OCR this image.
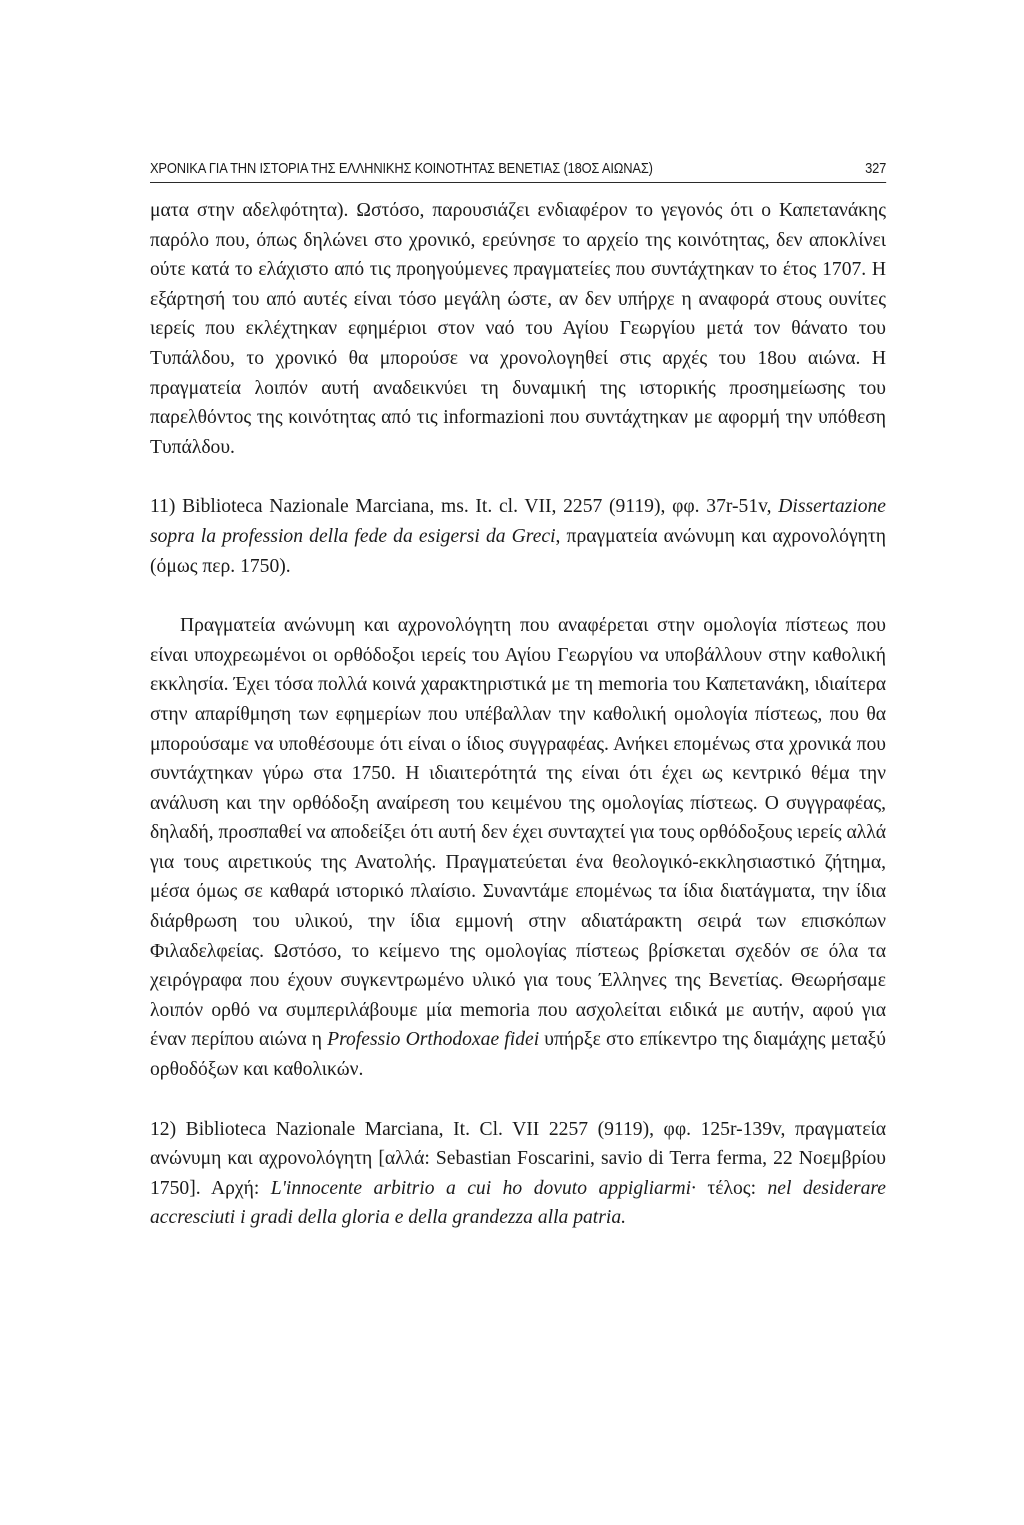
ΧΡΟΝΙΚΑ ΓΙΑ ΤΗΝ ΙΣΤΟΡΙΑ ΤΗΣ ΕΛΛΗΝΙΚΗΣ ΚΟΙΝΟΤΗΤΑΣ ΒΕΝΕΤΙΑΣ (18ΟΣ ΑΙΩΝΑΣ)	327

ματα στην αδελφότητα). Ωστόσο, παρουσιάζει ενδιαφέρον το γεγονός ότι ο Καπετανάκης παρόλο που, όπως δηλώνει στο χρονικό, ερεύνησε το αρχείο της κοινότητας, δεν αποκλίνει ούτε κατά το ελάχιστο από τις προηγούμενες πραγματείες που συντάχτηκαν το έτος 1707. Η εξάρτησή του από αυτές είναι τόσο μεγάλη ώστε, αν δεν υπήρχε η αναφορά στους ουνίτες ιερείς που εκλέχτηκαν εφημέριοι στον ναό του Αγίου Γεωργίου μετά τον θάνατο του Τυπάλδου, το χρονικό θα μπορούσε να χρονολογηθεί στις αρχές του 18ου αιώνα. Η πραγματεία λοιπόν αυτή αναδεικνύει τη δυναμική της ιστορικής προσημείωσης του παρελθόντος της κοινότητας από τις informazioni που συντάχτηκαν με αφορμή την υπόθεση Τυπάλδου.

11) Biblioteca Nazionale Marciana, ms. It. cl. VII, 2257 (9119), φφ. 37r-51v, Dissertazione sopra la profession della fede da esigersi da Greci, πραγματεία ανώνυμη και αχρονολόγητη (όμως περ. 1750).

Πραγματεία ανώνυμη και αχρονολόγητη που αναφέρεται στην ομολογία πίστεως που είναι υποχρεωμένοι οι ορθόδοξοι ιερείς του Αγίου Γεωργίου να υποβάλλουν στην καθολική εκκλησία. Έχει τόσα πολλά κοινά χαρακτηριστικά με τη memoria του Καπετανάκη, ιδιαίτερα στην απαρίθμηση των εφημερίων που υπέβαλλαν την καθολική ομολογία πίστεως, που θα μπορούσαμε να υποθέσουμε ότι είναι ο ίδιος συγγραφέας. Ανήκει επομένως στα χρονικά που συντάχτηκαν γύρω στα 1750. Η ιδιαιτερότητά της είναι ότι έχει ως κεντρικό θέμα την ανάλυση και την ορθόδοξη αναίρεση του κειμένου της ομολογίας πίστεως. Ο συγγραφέας, δηλαδή, προσπαθεί να αποδείξει ότι αυτή δεν έχει συνταχτεί για τους ορθόδοξους ιερείς αλλά για τους αιρετικούς της Ανατολής. Πραγματεύεται ένα θεολογικό-εκκλησιαστικό ζήτημα, μέσα όμως σε καθαρά ιστορικό πλαίσιο. Συναντάμε επομένως τα ίδια διατάγματα, την ίδια διάρθρωση του υλικού, την ίδια εμμονή στην αδιατάρακτη σειρά των επισκόπων Φιλαδελφείας. Ωστόσο, το κείμενο της ομολογίας πίστεως βρίσκεται σχεδόν σε όλα τα χειρόγραφα που έχουν συγκεντρωμένο υλικό για τους Έλληνες της Βενετίας. Θεωρήσαμε λοιπόν ορθό να συμπεριλάβουμε μία memoria που ασχολείται ειδικά με αυτήν, αφού για έναν περίπου αιώνα η Professio Orthodoxae fidei υπήρξε στο επίκεντρο της διαμάχης μεταξύ ορθοδόξων και καθολικών.

12) Biblioteca Nazionale Marciana, It. Cl. VII 2257 (9119), φφ. 125r-139v, πραγματεία ανώνυμη και αχρονολόγητη [αλλά: Sebastian Foscarini, savio di Terra ferma, 22 Νοεμβρίου 1750]. Αρχή: L'innocente arbitrio a cui ho dovuto appigliarmi· τέλος: nel desiderare accresciuti i gradi della gloria e della grandezza alla patria.
